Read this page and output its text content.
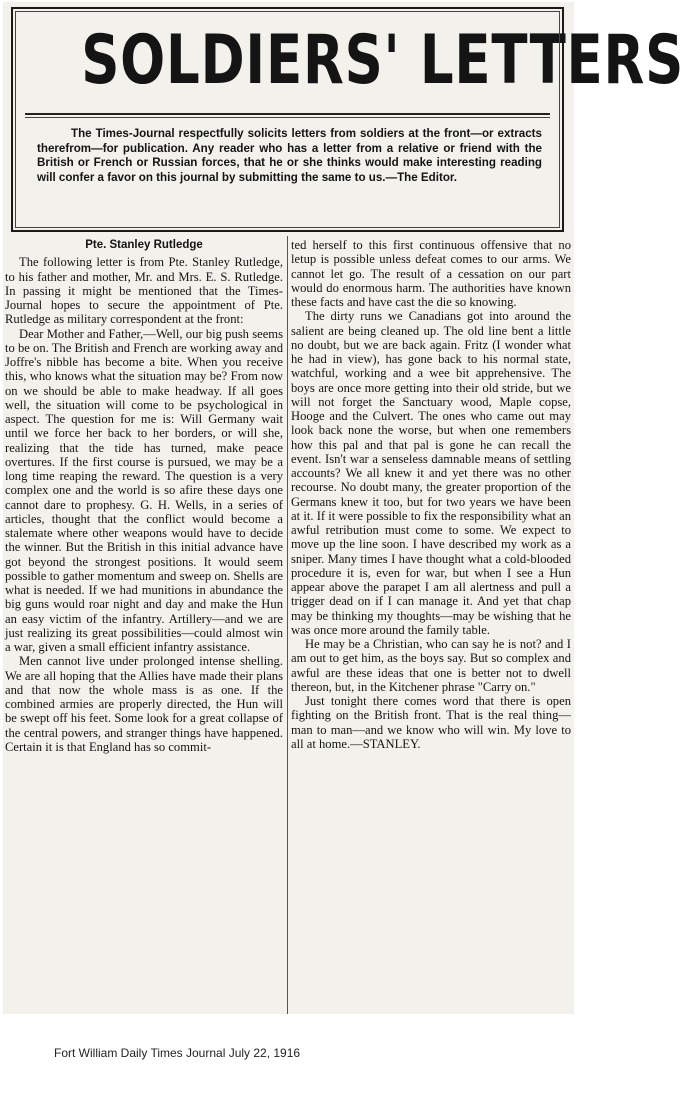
SOLDIERS' LETTERS
The Times-Journal respectfully solicits letters from soldiers at the front—or extracts therefrom—for publication. Any reader who has a letter from a relative or friend with the British or French or Russian forces, that he or she thinks would make interesting reading will confer a favor on this journal by submitting the same to us.—The Editor.
Pte. Stanley Rutledge

The following letter is from Pte. Stanley Rutledge, to his father and mother, Mr. and Mrs. E. S. Rutledge. In passing it might be mentioned that the Times-Journal hopes to secure the appointment of Pte. Rutledge as military correspondent at the front:

Dear Mother and Father,—Well, our big push seems to be on. The British and French are working away and Joffre's nibble has become a bite. When you receive this, who knows what the situation may be? From now on we should be able to make headway. If all goes well, the situation will come to be psychological in aspect. The question for me is: Will Germany wait until we force her back to her borders, or will she, realizing that the tide has turned, make peace overtures. If the first course is pursued, we may be a long time reaping the reward. The question is a very complex one and the world is so afire these days one cannot dare to prophesy. G. H. Wells, in a series of articles, thought that the conflict would become a stalemate where other weapons would have to decide the winner. But the British in this initial advance have got beyond the strongest positions. It would seem possible to gather momentum and sweep on. Shells are what is needed. If we had munitions in abundance the big guns would roar night and day and make the Hun an easy victim of the infantry. Artillery—and we are just realizing its great possibilities—could almost win a war, given a small efficient infantry assistance.

Men cannot live under prolonged intense shelling. We are all hoping that the Allies have made their plans and that now the whole mass is as one. If the combined armies are properly directed, the Hun will be swept off his feet. Some look for a great collapse of the central powers, and stranger things have happened. Certain it is that England has so commit-

ted herself to this first continuous offensive that no letup is possible unless defeat comes to our arms. We cannot let go. The result of a cessation on our part would do enormous harm. The authorities have known these facts and have cast the die so knowing.

The dirty runs we Canadians got into around the salient are being cleaned up. The old line bent a little no doubt, but we are back again. Fritz (I wonder what he had in view), has gone back to his normal state, watchful, working and a wee bit apprehensive. The boys are once more getting into their old stride, but we will not forget the Sanctuary wood, Maple copse, Hooge and the Culvert. The ones who came out may look back none the worse, but when one remembers how this pal and that pal is gone he can recall the event. Isn't war a senseless damnable means of settling accounts? We all knew it and yet there was no other recourse. No doubt many, the greater proportion of the Germans knew it too, but for two years we have been at it. If it were possible to fix the responsibility what an awful retribution must come to some. We expect to move up the line soon. I have described my work as a sniper. Many times I have thought what a cold-blooded procedure it is, even for war, but when I see a Hun appear above the parapet I am all alertness and pull a trigger dead on if I can manage it. And yet that chap may be thinking my thoughts—may be wishing that he was once more around the family table.

He may be a Christian, who can say he is not? and I am out to get him, as the boys say. But so complex and awful are these ideas that one is better not to dwell thereon, but, in the Kitchener phrase "Carry on."

Just tonight there comes word that there is open fighting on the British front. That is the real thing—man to man—and we know who will win. My love to all at home.—STANLEY.

Fort William Daily Times Journal July 22, 1916
